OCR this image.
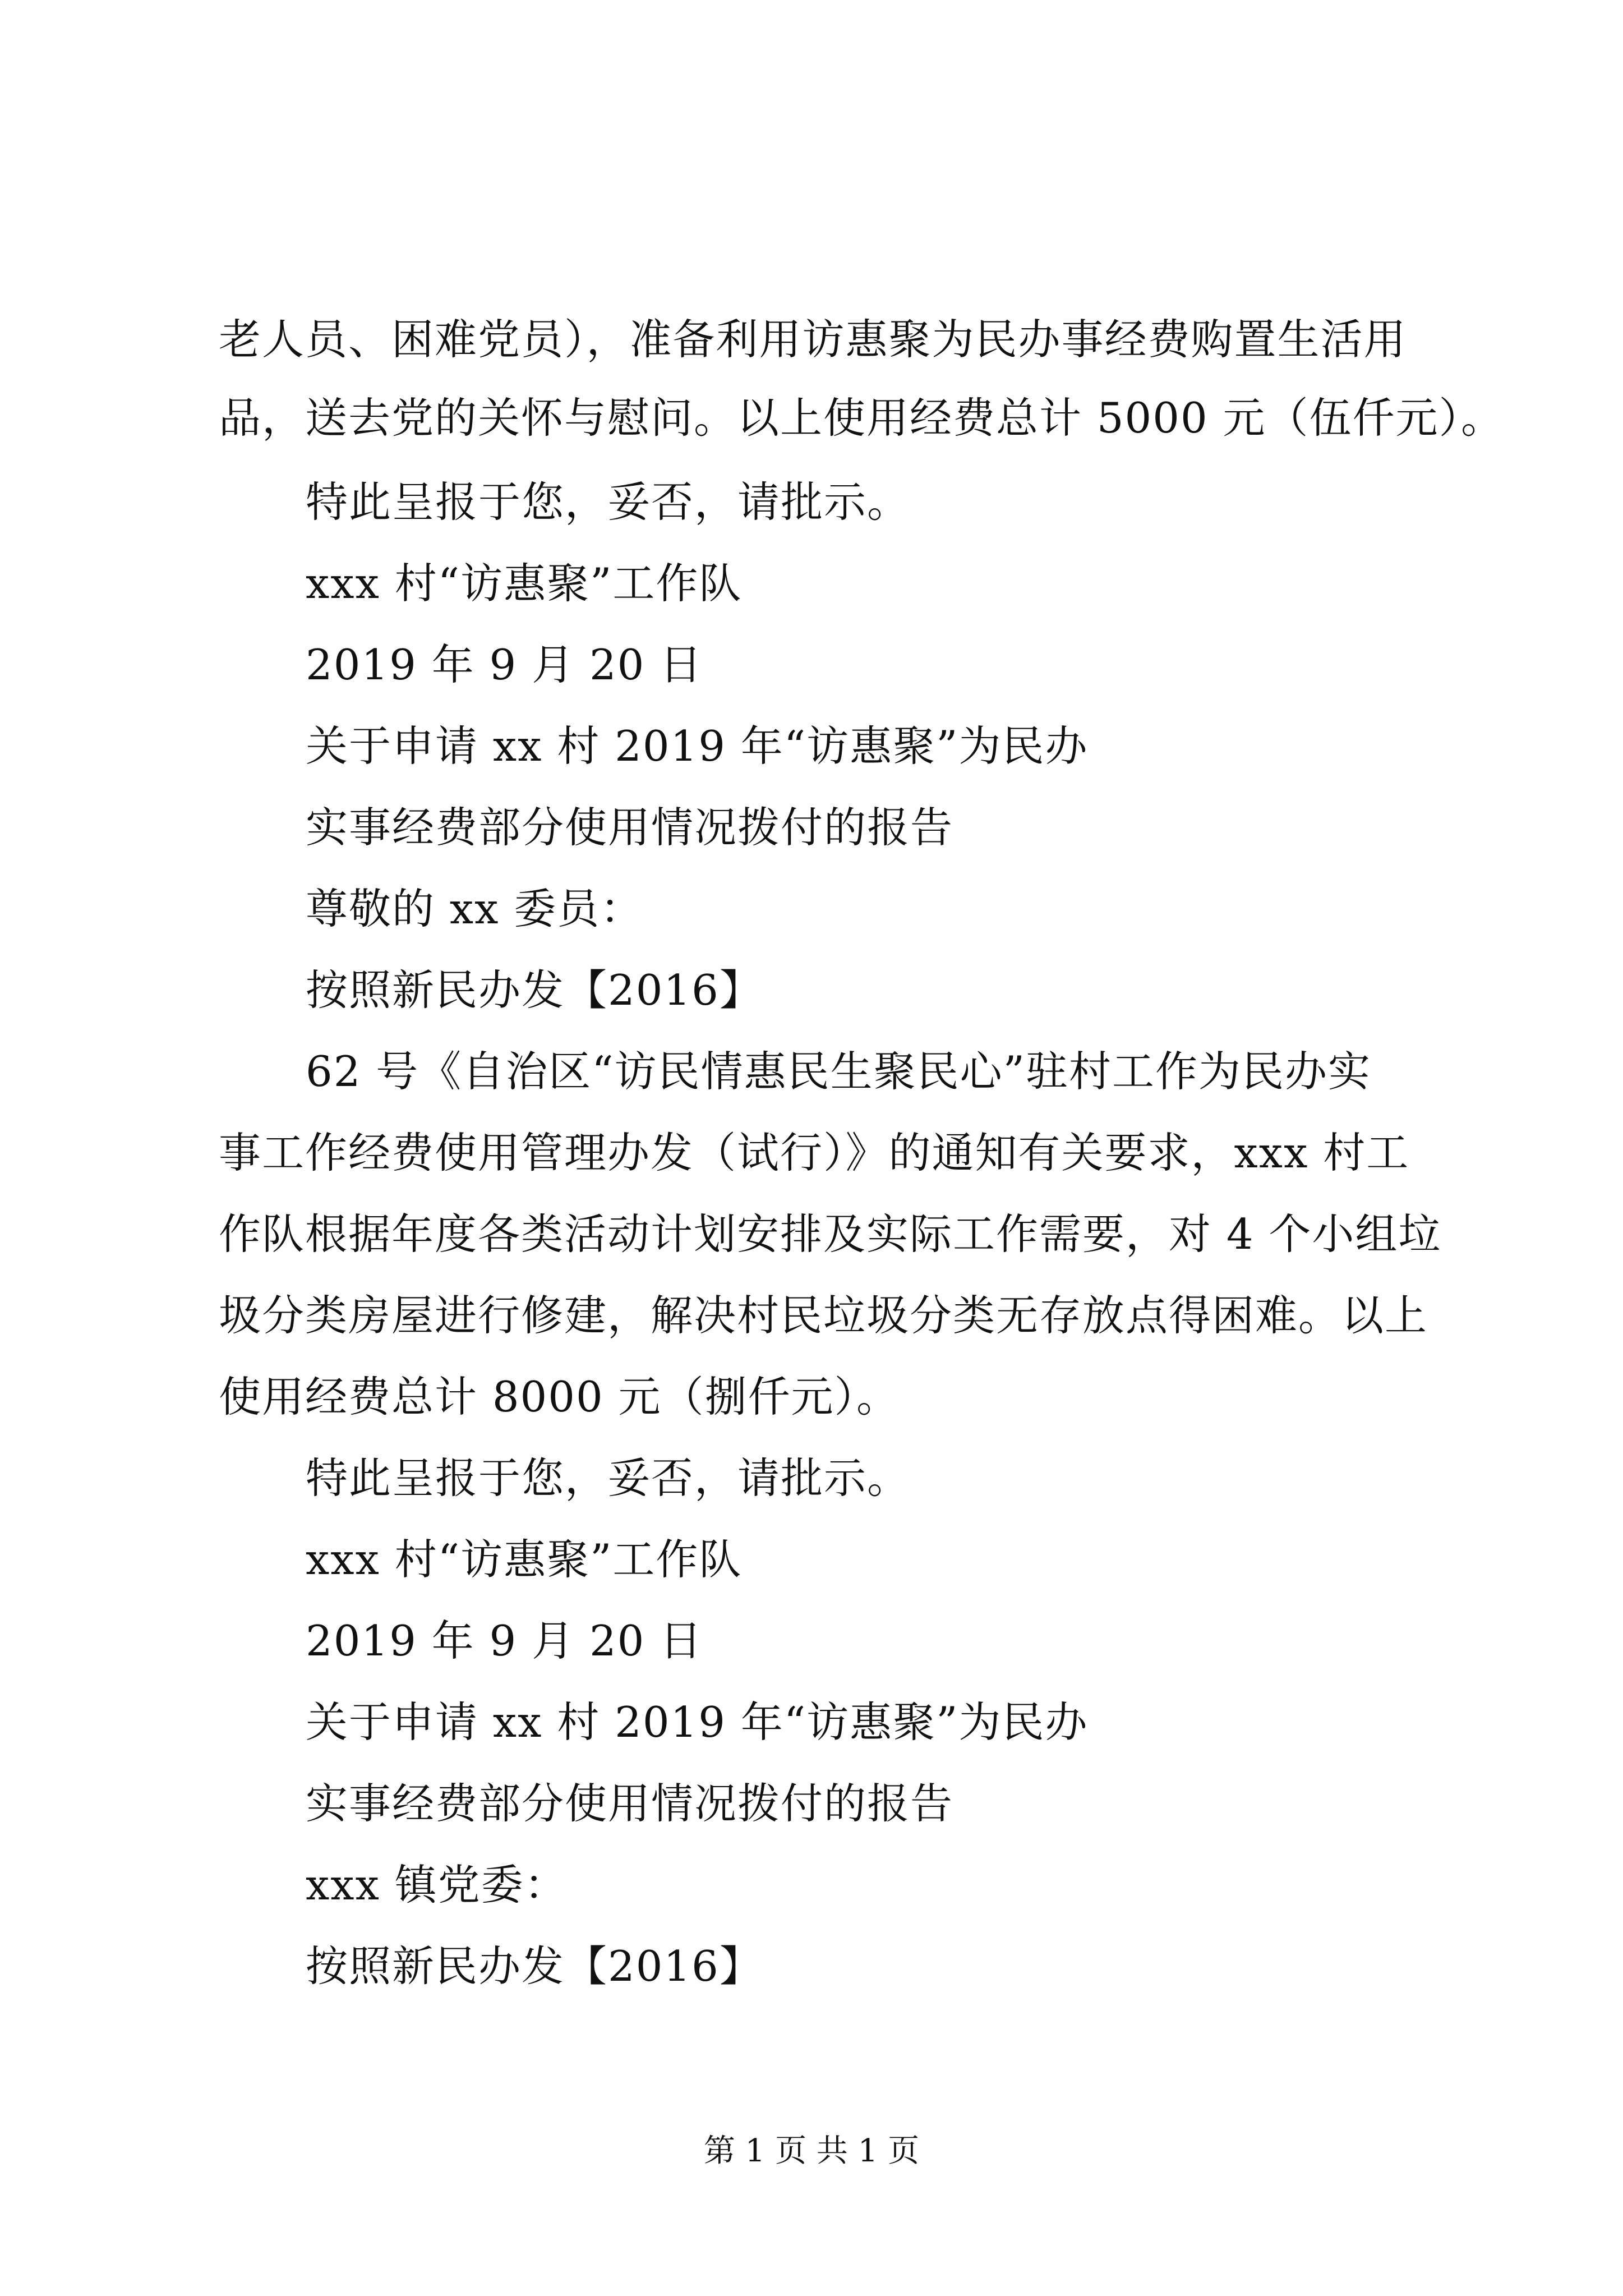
老人员、困难党员），准备利用访惠聚为民办事经费购置生活用
品，送去党的关怀与慰问。以上使用经费总计 5000 元（伍仟元）。
特此呈报于您，妥否，请批示。
xxx 村“访惠聚”工作队
2019 年 9 月 20 日
关于申请 xx 村 2019 年“访惠聚”为民办
实事经费部分使用情况拨付的报告
尊敬的 xx 委员：
按照新民办发【2016】
62 号《自治区“访民情惠民生聚民心”驻村工作为民办实
事工作经费使用管理办发（试行）》的通知有关要求，xxx 村工
作队根据年度各类活动计划安排及实际工作需要，对 4 个小组垃
圾分类房屋进行修建，解决村民垃圾分类无存放点得困难。以上
使用经费总计 8000 元（捌仟元）。
特此呈报于您，妥否，请批示。
xxx 村“访惠聚”工作队
2019 年 9 月 20 日
关于申请 xx 村 2019 年“访惠聚”为民办
实事经费部分使用情况拨付的报告
xxx 镇党委：
按照新民办发【2016】
第 1 页 共 1 页
